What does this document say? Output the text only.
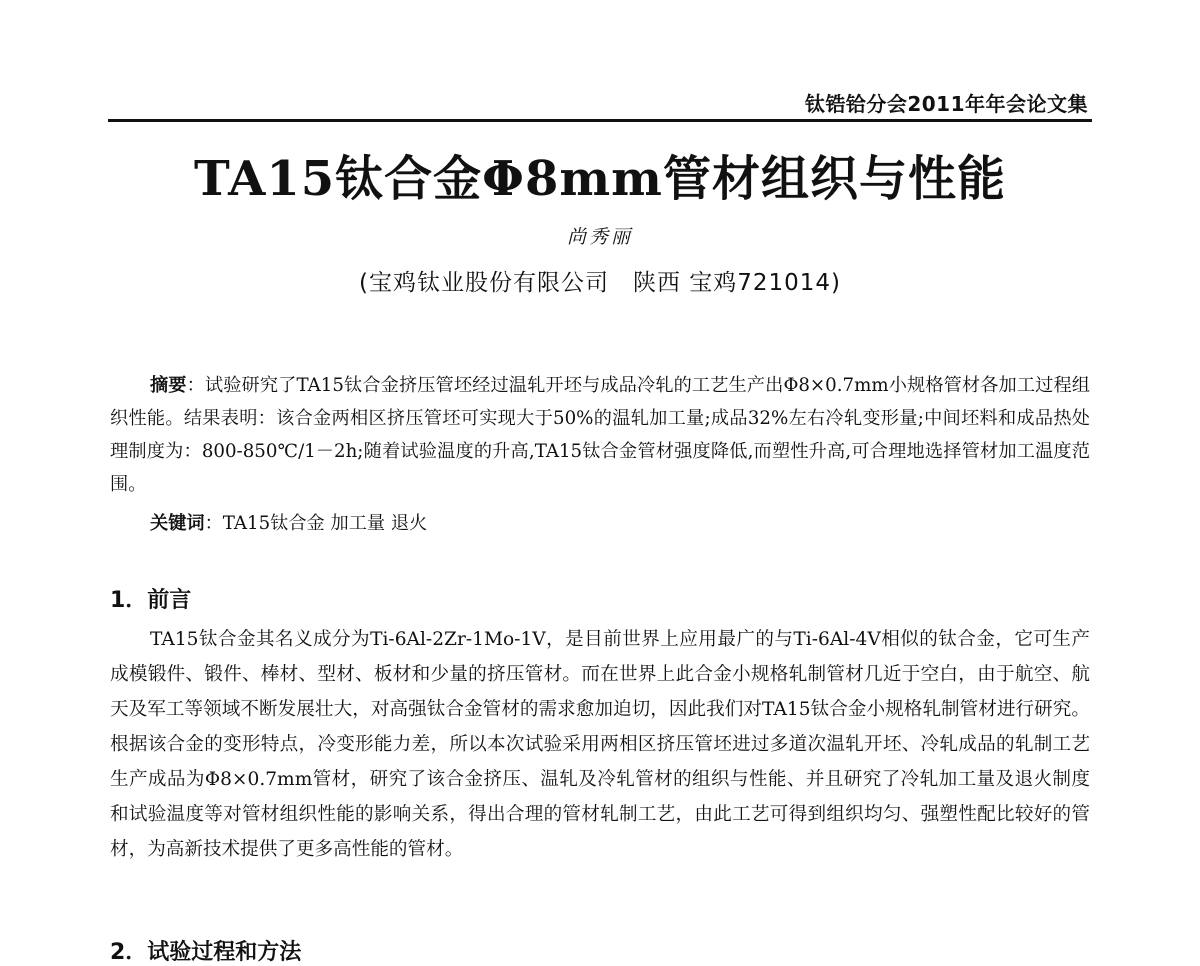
钛锆铪分会2011年年会论文集
TA15钛合金Φ8mm管材组织与性能
尚秀丽
(宝鸡钛业股份有限公司　陕西 宝鸡721014)

摘要：试验研究了TA15钛合金挤压管坯经过温轧开坯与成品冷轧的工艺生产出Φ8×0.7mm小规格管材各加工过程组织性能。结果表明：该合金两相区挤压管坯可实现大于50%的温轧加工量;成品32%左右冷轧变形量;中间坯料和成品热处理制度为：800-850℃/1－2h;随着试验温度的升高,TA15钛合金管材强度降低,而塑性升高,可合理地选择管材加工温度范围。

关键词：TA15钛合金 加工量 退火

1．前言

TA15钛合金其名义成分为Ti-6Al-2Zr-1Mo-1V，是目前世界上应用最广的与Ti-6Al-4V相似的钛合金，它可生产成模锻件、锻件、棒材、型材、板材和少量的挤压管材。而在世界上此合金小规格轧制管材几近于空白，由于航空、航天及军工等领域不断发展壮大，对高强钛合金管材的需求愈加迫切，因此我们对TA15钛合金小规格轧制管材进行研究。根据该合金的变形特点，冷变形能力差，所以本次试验采用两相区挤压管坯进过多道次温轧开坯、冷轧成品的轧制工艺生产成品为Φ8×0.7mm管材，研究了该合金挤压、温轧及冷轧管材的组织与性能、并且研究了冷轧加工量及退火制度和试验温度等对管材组织性能的影响关系，得出合理的管材轧制工艺，由此工艺可得到组织均匀、强塑性配比较好的管材，为高新技术提供了更多高性能的管材。

2．试验过程和方法
